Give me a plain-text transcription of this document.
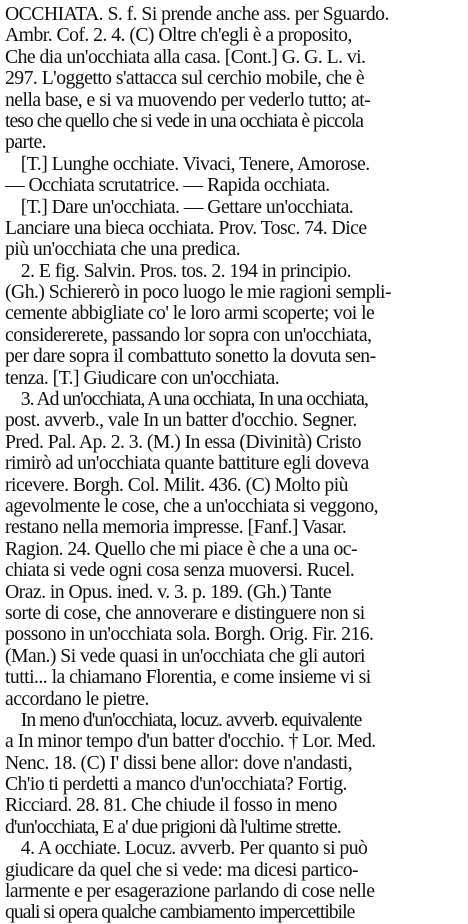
OCCHIATA. S. f. Si prende anche ass. per Sguardo.
Ambr. Cof. 2. 4. (C) Oltre ch'egli è a proposito,
Che dia un'occhiata alla casa. [Cont.] G. G. L. vi.
297. L'oggetto s'attacca sul cerchio mobile, che è
nella base, e si va muovendo per vederlo tutto; at-
teso che quello che si vede in una occhiata è piccola
parte.
[T.] Lunghe occhiate. Vivaci, Tenere, Amorose.
— Occhiata scrutatrice. — Rapida occhiata.
[T.] Dare un'occhiata. — Gettare un'occhiata.
Lanciare una bieca occhiata. Prov. Tosc. 74. Dice
più un'occhiata che una predica.
2. E fig. Salvin. Pros. tos. 2. 194 in principio.
(Gh.) Schiererò in poco luogo le mie ragioni sempli-
cemente abbigliate co' le loro armi scoperte; voi le
considererete, passando lor sopra con un'occhiata,
per dare sopra il combattuto sonetto la dovuta sen-
tenza. [T.] Giudicare con un'occhiata.
3. Ad un'occhiata, A una occhiata, In una occhiata,
post. avverb., vale In un batter d'occhio. Segner.
Pred. Pal. Ap. 2. 3. (M.) In essa (Divinità) Cristo
rimirò ad un'occhiata quante battiture egli doveva
ricevere. Borgh. Col. Milit. 436. (C) Molto più
agevolmente le cose, che a un'occhiata si veggono,
restano nella memoria impresse. [Fanf.] Vasar.
Ragion. 24. Quello che mi piace è che a una oc-
chiata si vede ogni cosa senza muoversi. Rucel.
Oraz. in Opus. ined. v. 3. p. 189. (Gh.) Tante
sorte di cose, che annoverare e distinguere non si
possono in un'occhiata sola. Borgh. Orig. Fir. 216.
(Man.) Si vede quasi in un'occhiata che gli autori
tutti... la chiamano Florentia, e come insieme vi si
accordano le pietre.
In meno d'un'occhiata, locuz. avverb. equivalente
a In minor tempo d'un batter d'occhio. † Lor. Med.
Nenc. 18. (C) I' dissi bene allor: dove n'andasti,
Ch'io ti perdetti a manco d'un'occhiata? Fortig.
Ricciard. 28. 81. Che chiude il fosso in meno
d'un'occhiata, E a' due prigioni dà l'ultime strette.
4. A occhiate. Locuz. avverb. Per quanto si può
giudicare da quel che si vede: ma dicesi partico-
larmente e per esagerazione parlando di cose nelle
quali si opera qualche cambiamento impercettibile
